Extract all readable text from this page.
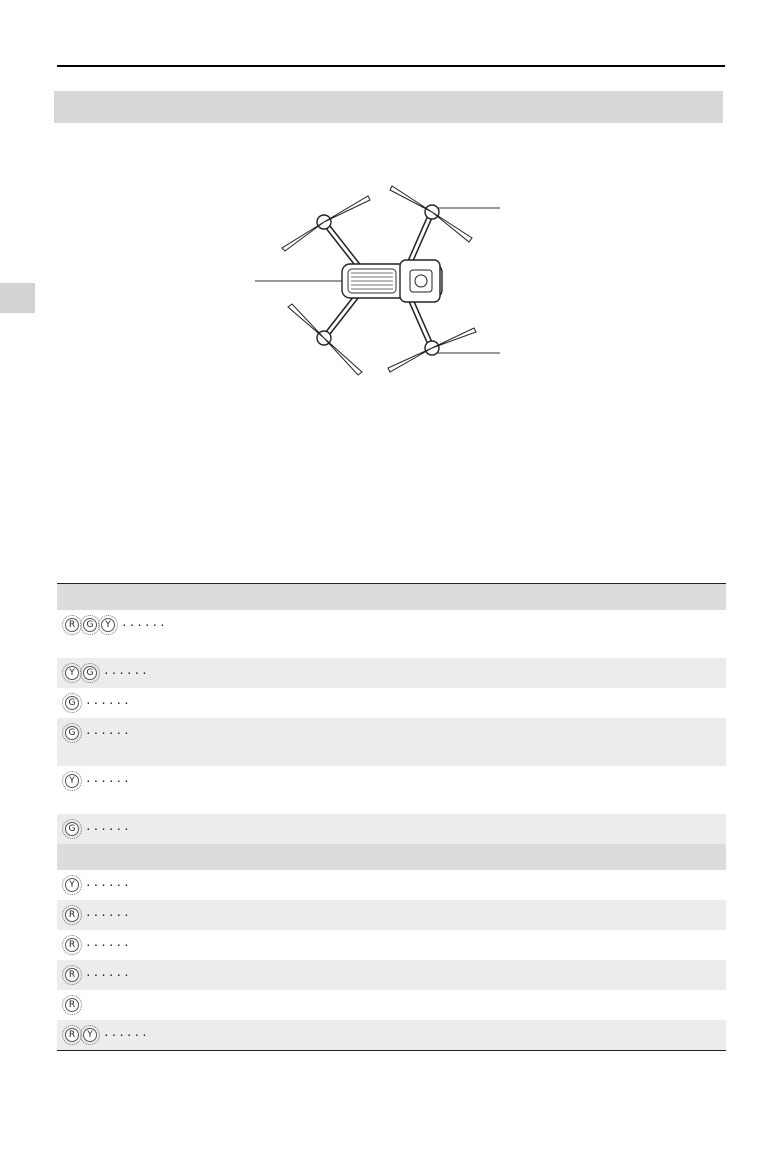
R G Y ······
Y G ······
G ······
G ······
Y ······
G ······
Y ······
R ······
R ······
R ······
R
R Y ······
